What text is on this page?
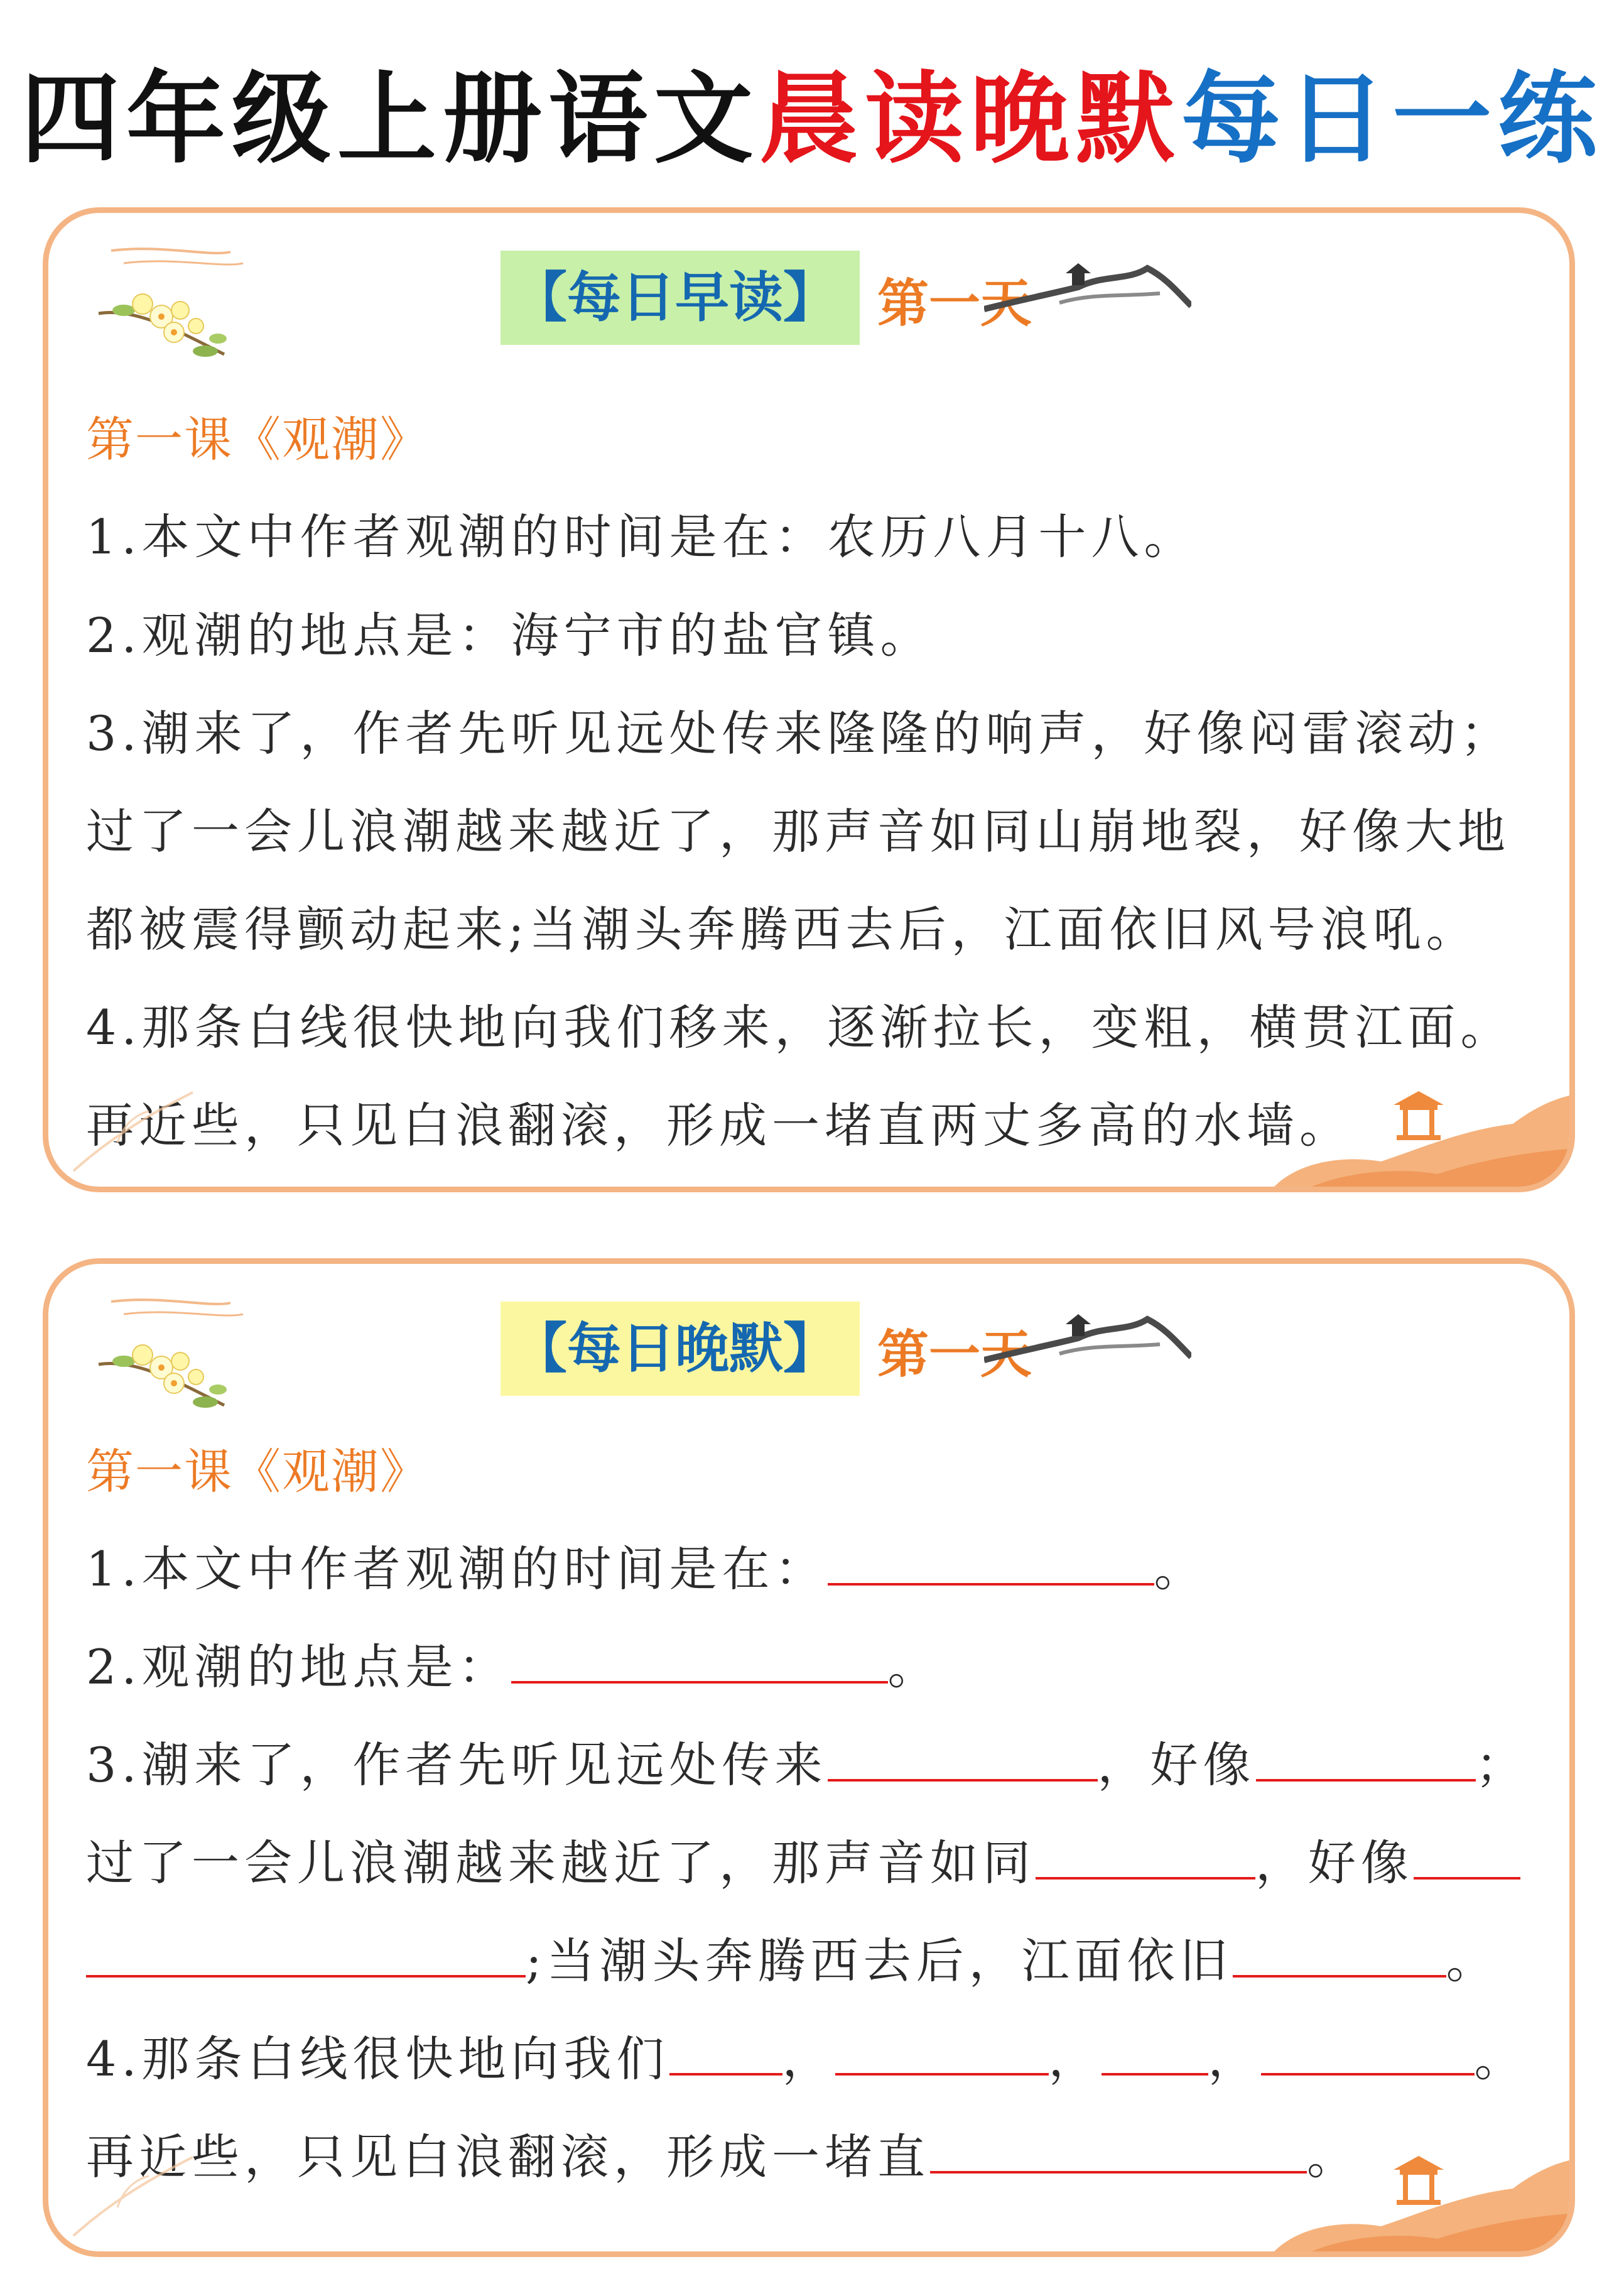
四年级上册语文晨读晚默每日一练
【每日早读】 第一天
第一课《观潮》
1.本文中作者观潮的时间是在：农历八月十八。
2.观潮的地点是：海宁市的盐官镇。
3.潮来了，作者先听见远处传来隆隆的响声，好像闷雷滚动；
过了一会儿浪潮越来越近了，那声音如同山崩地裂，好像大地
都被震得颤动起来;当潮头奔腾西去后，江面依旧风号浪吼。
4.那条白线很快地向我们移来，逐渐拉长，变粗，横贯江面。
再近些，只见白浪翻滚，形成一堵直两丈多高的水墙。
【每日晚默】 第一天
第一课《观潮》
1.本文中作者观潮的时间是在：	。
2.观潮的地点是：	。
3.潮来了，作者先听见远处传来	，好像	；
过了一会儿浪潮越来越近了，那声音如同	，好像
;当潮头奔腾西去后，江面依旧	。
4.那条白线很快地向我们 ，	， ，	。
再近些，只见白浪翻滚，形成一堵直	。
